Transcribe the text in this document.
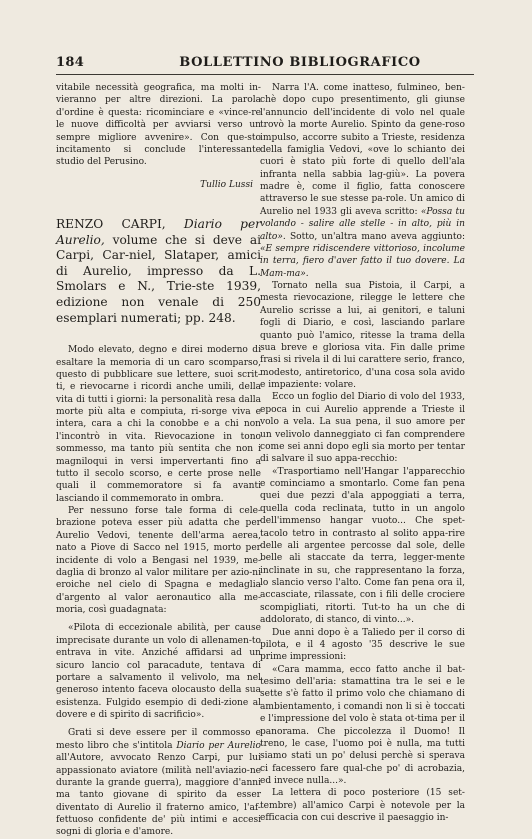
184	BOLLETTINO BIBLIOGRAFICO

vitabile necessità geografica, ma molti in-vieranno per altre direzioni. La parola d'ordine è questa: ricominciare e «vince-re le nuove difficoltà per avviarsi verso un sempre migliore avvenire». Con que-sto incitamento si conclude l'interessante studio del Perusino.

Tullio Lussi

RENZO CARPI, Diario per Aurelio, volume che si deve ai Carpi, Car-niel, Slataper, amici di Aurelio, impresso da L. Smolars e N., Trie-ste 1939, edizione non venale di 250 esemplari numerati; pp. 248.

Modo elevato, degno e direi moderno di esaltare la memoria di un caro scomparso, questo di pubblicare sue lettere, suoi scrit-ti, e rievocarne i ricordi anche umili, della vita di tutti i giorni: la personalità resa dalla morte più alta e compiuta, ri-sorge viva e intera, cara a chi la conobbe e a chi non l'incontrò in vita. Rievocazione in tono sommesso, ma tanto più sentita che non i magniloqui in versi impervertanti fino a tutto il secolo scorso, e certe prose nelle quali il commemoratore si fa avanti lasciando il commemorato in ombra.

Per nessuno forse tale forma di cele-brazione poteva esser più adatta che per Aurelio Vedovi, tenente dell'arma aerea, nato a Piove di Sacco nel 1915, morto per incidente di volo a Bengasi nel 1939, me-daglia di bronzo al valor militare per azio-ni eroiche nel cielo di Spagna e medaglia d'argento al valor aeronautico alla me-moria, così guadagnata:

«Pilota di eccezionale abilità, per cause imprecisate durante un volo di allenamen-to entrava in vite. Anziché affidarsi ad un sicuro lancio col paracadute, tentava di portare a salvamento il velivolo, ma nel generoso intento faceva olocausto della sua esistenza. Fulgido esempio di dedi-zione al dovere e di spirito di sacrificio».

Grati si deve essere per il commosso e mesto libro che s'intitola Diario per Aurelio all'Autore, avvocato Renzo Carpi, pur lui appassionato aviatore (milità nell'aviazio-ne durante la grande guerra), maggiore d'anni ma tanto giovane di spirito da esser diventato di Aurelio il fraterno amico, l'af-fettuoso confidente de' più intimi e accesi sogni di gloria e d'amore.

Narra l'A. come inatteso, fulmineo, ben-chè dopo cupo presentimento, gli giunse l'annuncio dell'incidente di volo nel quale trovò la morte Aurelio. Spinto da gene-roso impulso, accorre subito a Trieste, residenza della famiglia Vedovi, «ove lo schianto dei cuori è stato più forte di quello dell'ala infranta nella sabbia lag-giù». La povera madre è, come il figlio, fatta conoscere attraverso le sue stesse pa-role. Un amico di Aurelio nel 1933 gli aveva scritto: «Possa tu volando - salire alle stelle - in alto, più in alto». Sotto, un'altra mano aveva aggiunto: «E sempre ridiscendere vittorioso, incolume in terra, fiero d'aver fatto il tuo dovere. La Mam-ma».

Tornato nella sua Pistoia, il Carpi, a mesta rievocazione, rilegge le lettere che Aurelio scrisse a lui, ai genitori, e taluni fogli di Diario, e così, lasciando parlare quanto può l'amico, ritesse la trama della sua breve e gloriosa vita. Fin dalle prime frasi si rivela il di lui carattere serio, franco, modesto, antiretorico, d'una cosa sola avido e impaziente: volare.

Ecco un foglio del Diario di volo del 1933, epoca in cui Aurelio apprende a Trieste il volo a vela. La sua pena, il suo amore per un velivolo danneggiato ci fan comprendere come sei anni dopo egli sia morto per tentar di salvare il suo appa-recchio:

«Trasportiamo nell'Hangar l'apparecchio e cominciamo a smontarlo. Come fan pena quei due pezzi d'ala appoggiati a terra, quella coda reclinata, tutto in un angolo dell'immenso hangar vuoto... Che spet-tacolo tetro in contrasto al solito appa-rire delle ali argentee percosse dal sole, delle belle ali staccate da terra, legger-mente inclinate in su, che rappresentano la forza, lo slancio verso l'alto. Come fan pena ora il, accasciate, rilassate, con i fili delle crociere scompigliati, ritorti. Tut-to ha un che di addolorato, di stanco, di vinto...».

Due anni dopo è a Taliedo per il corso di pilota, e il 4 agosto '35 descrive le sue prime impressioni:

«Cara mamma, ecco fatto anche il bat-tesimo dell'aria: stamattina tra le sei e le sette s'è fatto il primo volo che chiamano di ambientamento, i comandi non li si è toccati e l'impressione del volo è stata ot-tima per il panorama. Che piccolezza il Duomo! Il treno, le case, l'uomo poi è nulla, ma tutti siamo stati un po' delusi perchè si sperava ci facessero fare qual-che po' di acrobazia, ed invece nulla...».

La lettera di poco posteriore (15 set-tembre) all'amico Carpi è notevole per la efficacia con cui descrive il paesaggio in-
